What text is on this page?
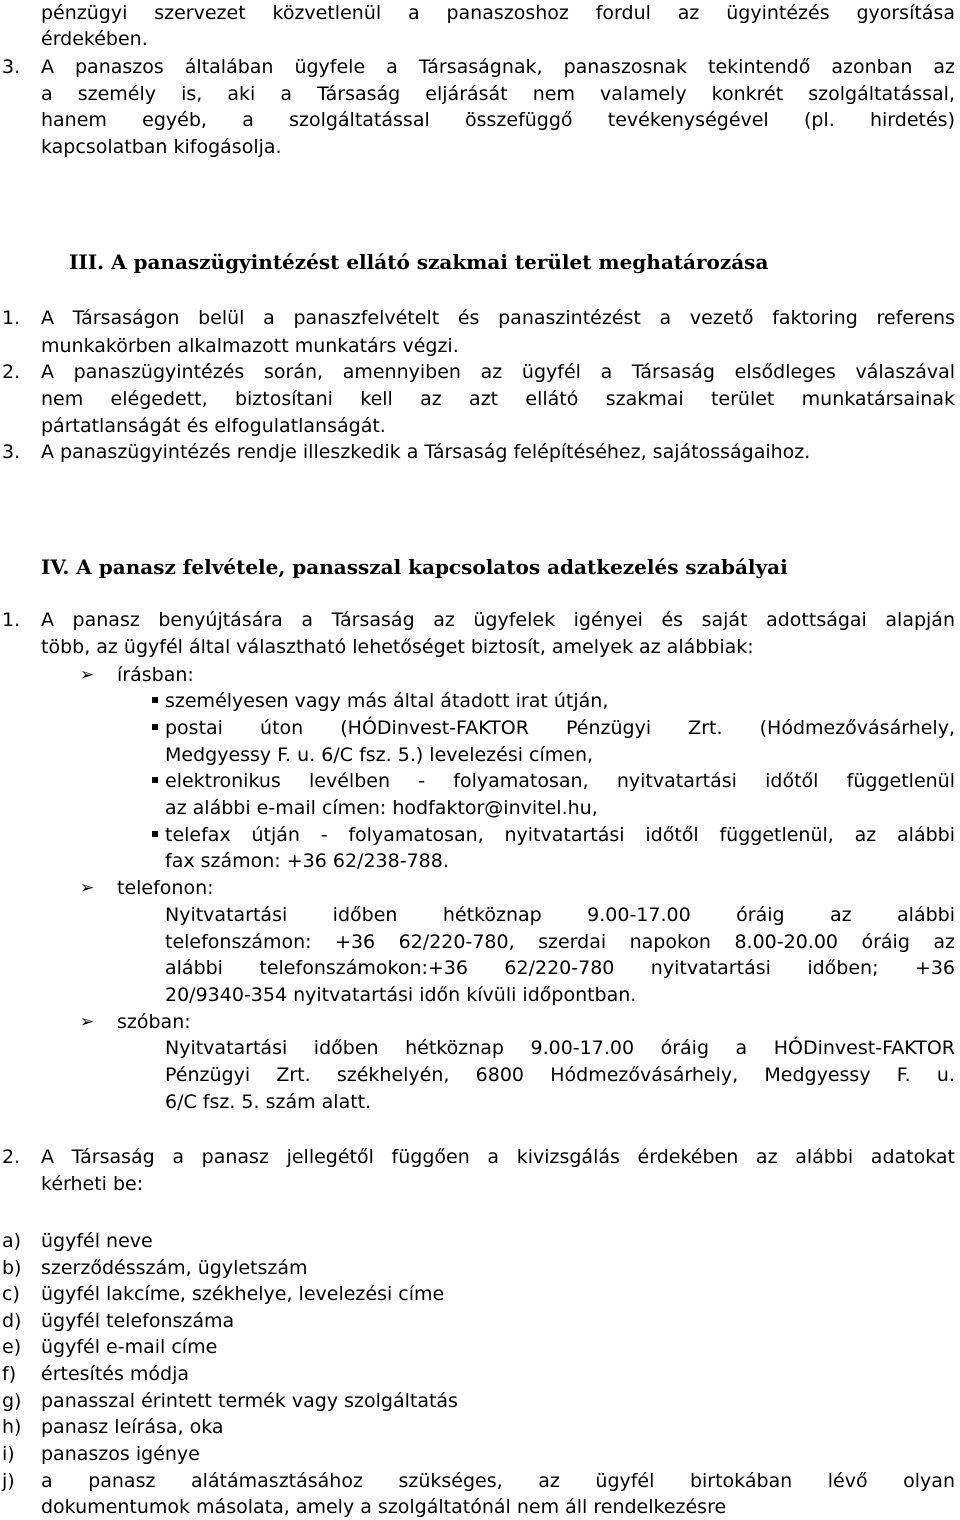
pénzügyi szervezet közvetlenül a panaszoshoz fordul az ügyintézés gyorsítása
érdekében.
3. A panaszos általában ügyfele a Társaságnak, panaszosnak tekintendő azonban az
a személy is, aki a Társaság eljárását nem valamely konkrét szolgáltatással,
hanem egyéb, a szolgáltatással összefüggő tevékenységével (pl. hirdetés)
kapcsolatban kifogásolja.
III. A panaszügyintézést ellátó szakmai terület meghatározása
1. A Társaságon belül a panaszfelvételt és panaszintézést a vezető faktoring referens
munkakörben alkalmazott munkatárs végzi.
2. A panaszügyintézés során, amennyiben az ügyfél a Társaság elsődleges válaszával
nem elégedett, biztosítani kell az azt ellátó szakmai terület munkatársainak
pártatlanságát és elfogulatlanságát.
3. A panaszügyintézés rendje illeszkedik a Társaság felépítéséhez, sajátosságaihoz.
IV. A panasz felvétele, panasszal kapcsolatos adatkezelés szabályai
1. A panasz benyújtására a Társaság az ügyfelek igényei és saját adottságai alapján
több, az ügyfél által választható lehetőséget biztosít, amelyek az alábbiak:
➢ írásban:
személyesen vagy más által átadott irat útján,
postai úton (HÓDinvest-FAKTOR Pénzügyi Zrt. (Hódmezővásárhely,
Medgyessy F. u. 6/C fsz. 5.) levelezési címen,
elektronikus levélben - folyamatosan, nyitvatartási időtől függetlenül
az alábbi e-mail címen: hodfaktor@invitel.hu,
telefax útján - folyamatosan, nyitvatartási időtől függetlenül, az alábbi
fax számon: +36 62/238-788.
➢ telefonon:
Nyitvatartási időben hétköznap 9.00-17.00 óráig az alábbi
telefonszámon: +36 62/220-780, szerdai napokon 8.00-20.00 óráig az
alábbi telefonszámokon:+36 62/220-780 nyitvatartási időben; +36
20/9340-354 nyitvatartási időn kívüli időpontban.
➢ szóban:
Nyitvatartási időben hétköznap 9.00-17.00 óráig a HÓDinvest-FAKTOR
Pénzügyi Zrt. székhelyén, 6800 Hódmezővásárhely, Medgyessy F. u.
6/C fsz. 5. szám alatt.
2. A Társaság a panasz jellegétől függően a kivizsgálás érdekében az alábbi adatokat
kérheti be:
a) ügyfél neve
b) szerződésszám, ügyletszám
c) ügyfél lakcíme, székhelye, levelezési címe
d) ügyfél telefonszáma
e) ügyfél e-mail címe
f) értesítés módja
g) panasszal érintett termék vagy szolgáltatás
h) panasz leírása, oka
i) panaszos igénye
j) a panasz alátámasztásához szükséges, az ügyfél birtokában lévő olyan
dokumentumok másolata, amely a szolgáltatónál nem áll rendelkezésre
